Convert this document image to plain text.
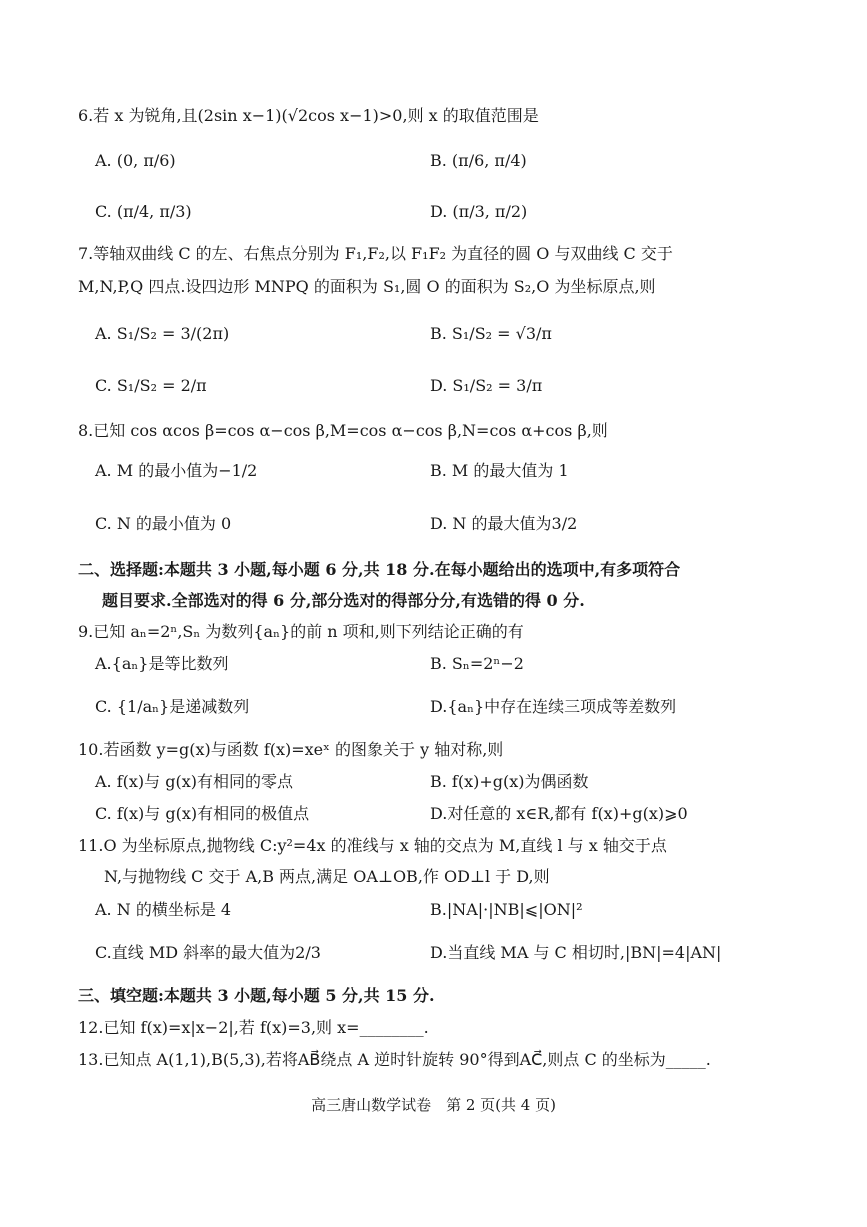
6.若 x 为锐角,且(2sin x−1)(√2cos x−1)>0,则 x 的取值范围是
A. (0, π/6)	B. (π/6, π/4)
C. (π/4, π/3)	D. (π/3, π/2)
7.等轴双曲线 C 的左、右焦点分别为 F₁,F₂,以 F₁F₂ 为直径的圆 O 与双曲线 C 交于
M,N,P,Q 四点.设四边形 MNPQ 的面积为 S₁,圆 O 的面积为 S₂,O 为坐标原点,则
A. S₁/S₂ = 3/(2π)	B. S₁/S₂ = √3/π
C. S₁/S₂ = 2/π	D. S₁/S₂ = 3/π
8.已知 cos αcos β=cos α−cos β,M=cos α−cos β,N=cos α+cos β,则
A. M 的最小值为−1/2	B. M 的最大值为 1
C. N 的最小值为 0	D. N 的最大值为3/2
二、选择题:本题共 3 小题,每小题 6 分,共 18 分.在每小题给出的选项中,有多项符合
题目要求.全部选对的得 6 分,部分选对的得部分分,有选错的得 0 分.
9.已知 aₙ=2ⁿ,Sₙ 为数列{aₙ}的前 n 项和,则下列结论正确的有
A.{aₙ}是等比数列	B. Sₙ=2ⁿ−2
C. {1/aₙ}是递减数列	D.{aₙ}中存在连续三项成等差数列
10.若函数 y=g(x)与函数 f(x)=xeˣ 的图象关于 y 轴对称,则
A. f(x)与 g(x)有相同的零点	B. f(x)+g(x)为偶函数
C. f(x)与 g(x)有相同的极值点	D.对任意的 x∈R,都有 f(x)+g(x)⩾0
11.O 为坐标原点,抛物线 C:y²=4x 的准线与 x 轴的交点为 M,直线 l 与 x 轴交于点
N,与抛物线 C 交于 A,B 两点,满足 OA⊥OB,作 OD⊥l 于 D,则
A. N 的横坐标是 4	B.|NA|·|NB|⩽|ON|²
C.直线 MD 斜率的最大值为2/3	D.当直线 MA 与 C 相切时,|BN|=4|AN|
三、填空题:本题共 3 小题,每小题 5 分,共 15 分.
12.已知 f(x)=x|x−2|,若 f(x)=3,则 x=________.
13.已知点 A(1,1),B(5,3),若将AB⃗绕点 A 逆时针旋转 90°得到AC⃗,则点 C 的坐标为_____.
高三唐山数学试卷　第 2 页(共 4 页)
